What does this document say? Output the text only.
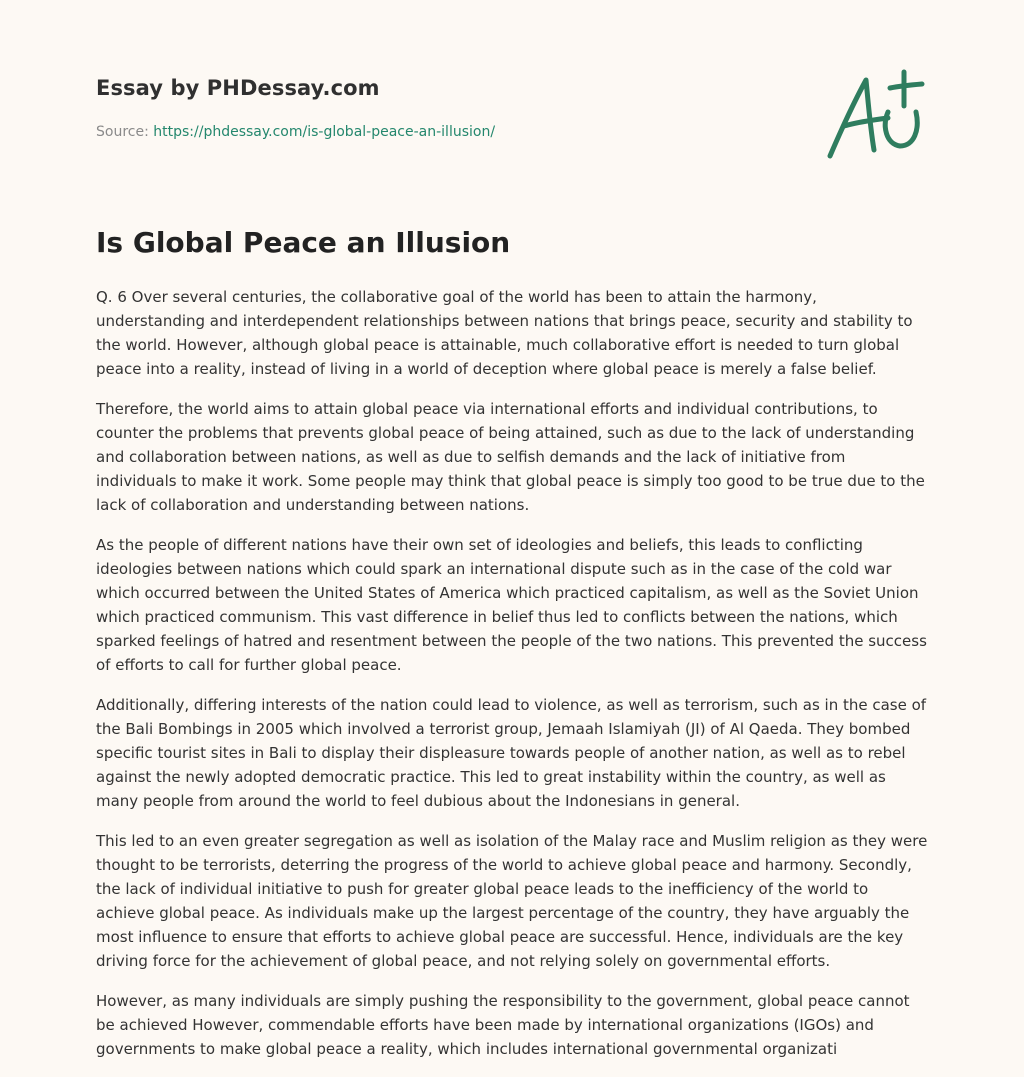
Essay by PHDessay.com
Source: https://phdessay.com/is-global-peace-an-illusion/
Is Global Peace an Illusion

Q. 6 Over several centuries, the collaborative goal of the world has been to attain the harmony, understanding and interdependent relationships between nations that brings peace, security and stability to the world. However, although global peace is attainable, much collaborative effort is needed to turn global peace into a reality, instead of living in a world of deception where global peace is merely a false belief.

Therefore, the world aims to attain global peace via international efforts and individual contributions, to counter the problems that prevents global peace of being attained, such as due to the lack of understanding and collaboration between nations, as well as due to selfish demands and the lack of initiative from individuals to make it work. Some people may think that global peace is simply too good to be true due to the lack of collaboration and understanding between nations.

As the people of different nations have their own set of ideologies and beliefs, this leads to conflicting ideologies between nations which could spark an international dispute such as in the case of the cold war which occurred between the United States of America which practiced capitalism, as well as the Soviet Union which practiced communism. This vast difference in belief thus led to conflicts between the nations, which sparked feelings of hatred and resentment between the people of the two nations. This prevented the success of efforts to call for further global peace.

Additionally, differing interests of the nation could lead to violence, as well as terrorism, such as in the case of the Bali Bombings in 2005 which involved a terrorist group, Jemaah Islamiyah (JI) of Al Qaeda. They bombed specific tourist sites in Bali to display their displeasure towards people of another nation, as well as to rebel against the newly adopted democratic practice. This led to great instability within the country, as well as many people from around the world to feel dubious about the Indonesians in general.

This led to an even greater segregation as well as isolation of the Malay race and Muslim religion as they were thought to be terrorists, deterring the progress of the world to achieve global peace and harmony. Secondly, the lack of individual initiative to push for greater global peace leads to the inefficiency of the world to achieve global peace. As individuals make up the largest percentage of the country, they have arguably the most influence to ensure that efforts to achieve global peace are successful. Hence, individuals are the key driving force for the achievement of global peace, and not relying solely on governmental efforts.

However, as many individuals are simply pushing the responsibility to the government, global peace cannot be achieved However, commendable efforts have been made by international organizations (IGOs) and governments to make global peace a reality, which includes international governmental organizati
